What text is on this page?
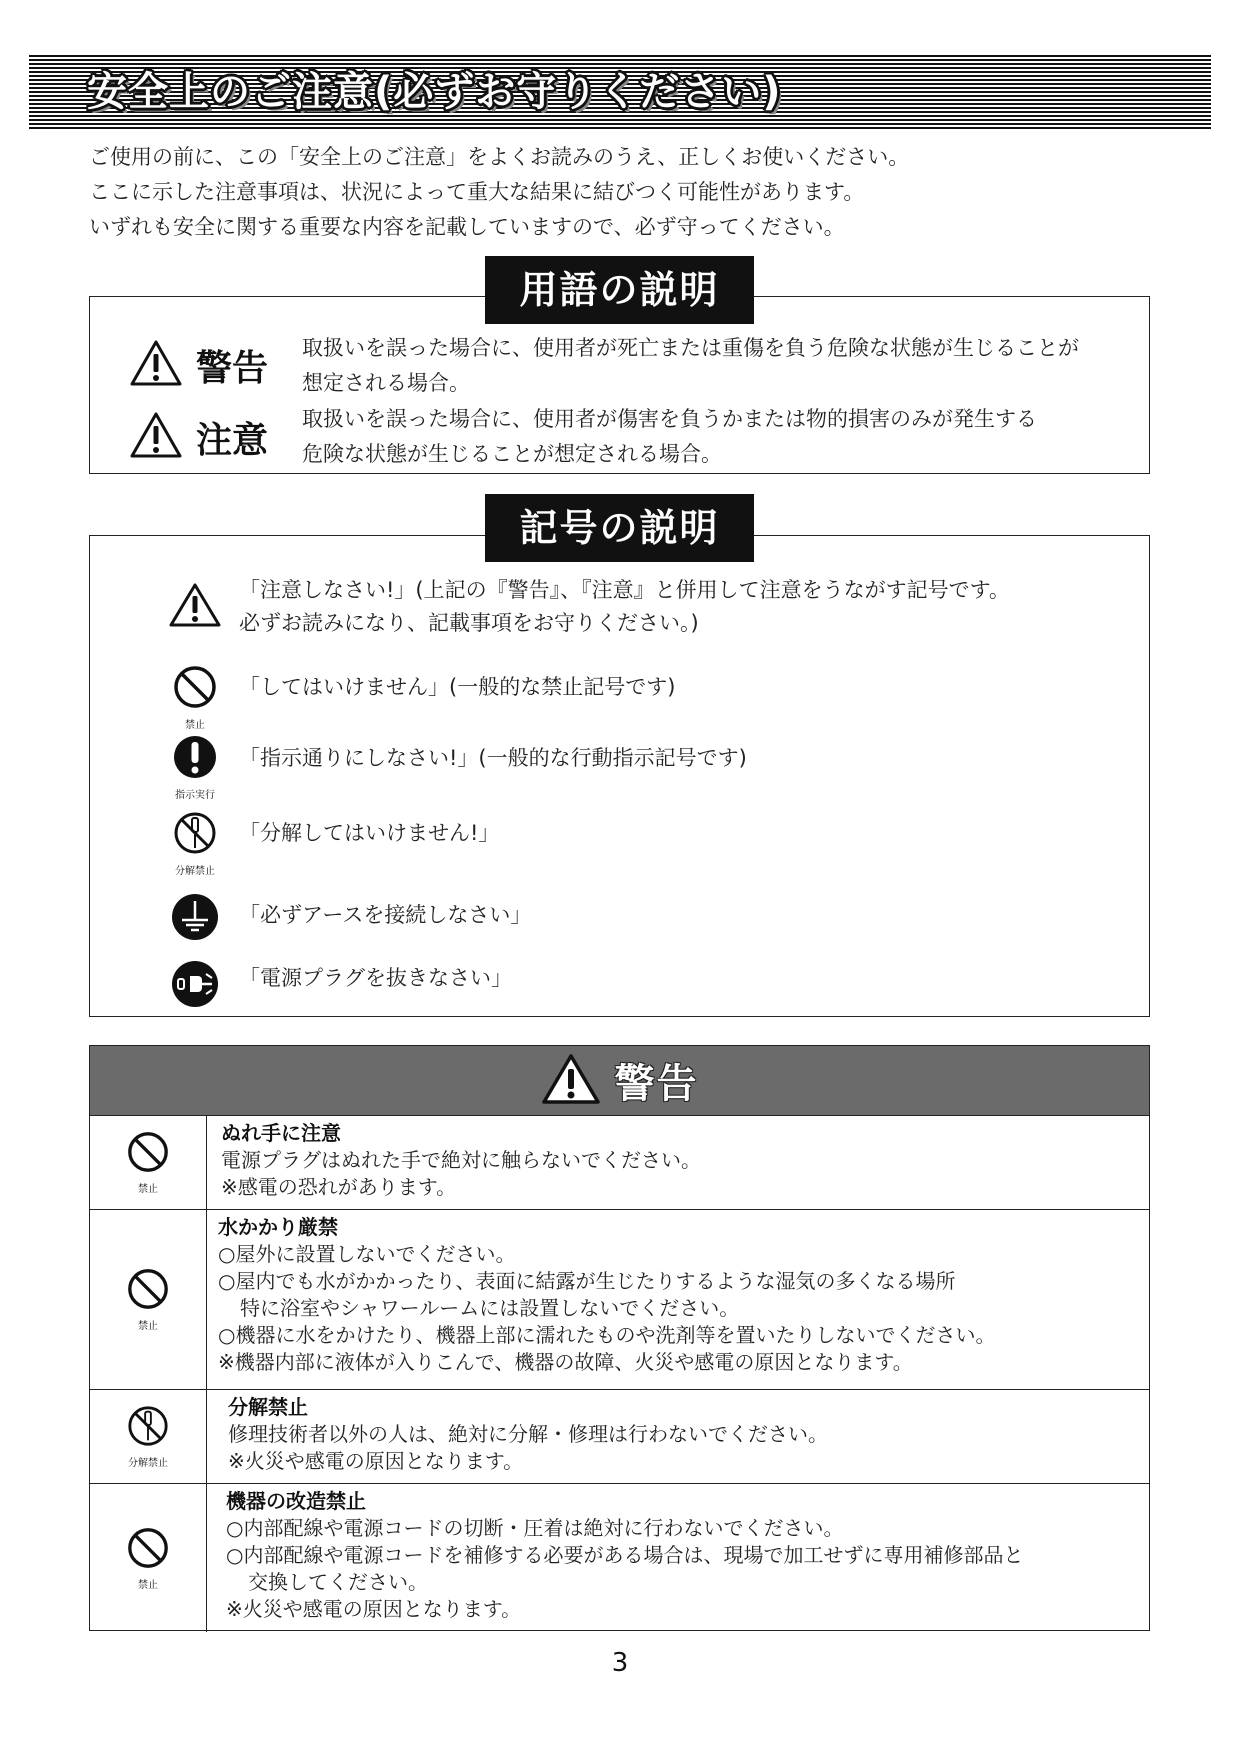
安全上のご注意(必ずお守りください)
ご使用の前に、この「安全上のご注意」をよくお読みのうえ、正しくお使いください。
ここに示した注意事項は、状況によって重大な結果に結びつく可能性があります。
いずれも安全に関する重要な内容を記載していますので、必ず守ってください。
警告 取扱いを誤った場合に、使用者が死亡または重傷を負う危険な状態が生じることが
想定される場合。
注意
取扱いを誤った場合に、使用者が傷害を負うかまたは物的損害のみが発生する
危険な状態が生じることが想定される場合。
用語の説明
「注意しなさい!」(上記の『警告』、『注意』と併用して注意をうながす記号です。
必ずお読みになり、記載事項をお守りください。)
禁止
「してはいけません」(一般的な禁止記号です)
指示実行
「指示通りにしなさい!」(一般的な行動指示記号です)
分解禁止
「分解してはいけません!」
「必ずアースを接続しなさい」
「電源プラグを抜きなさい」
記号の説明
警告
禁止
ぬれ手に注意
電源プラグはぬれた手で絶対に触らないでください。
※感電の恐れがあります。
禁止
水かかり厳禁
○屋外に設置しないでください。
○屋内でも水がかかったり、表面に結露が生じたりするような湿気の多くなる場所
特に浴室やシャワールームには設置しないでください。
○機器に水をかけたり、機器上部に濡れたものや洗剤等を置いたりしないでください。
※機器内部に液体が入りこんで、機器の故障、火災や感電の原因となります。
分解禁止
分解禁止
修理技術者以外の人は、絶対に分解・修理は行わないでください。
※火災や感電の原因となります。
禁止
機器の改造禁止
○内部配線や電源コードの切断・圧着は絶対に行わないでください。
○内部配線や電源コードを補修する必要がある場合は、現場で加工せずに専用補修部品と
交換してください。
※火災や感電の原因となります。
3
